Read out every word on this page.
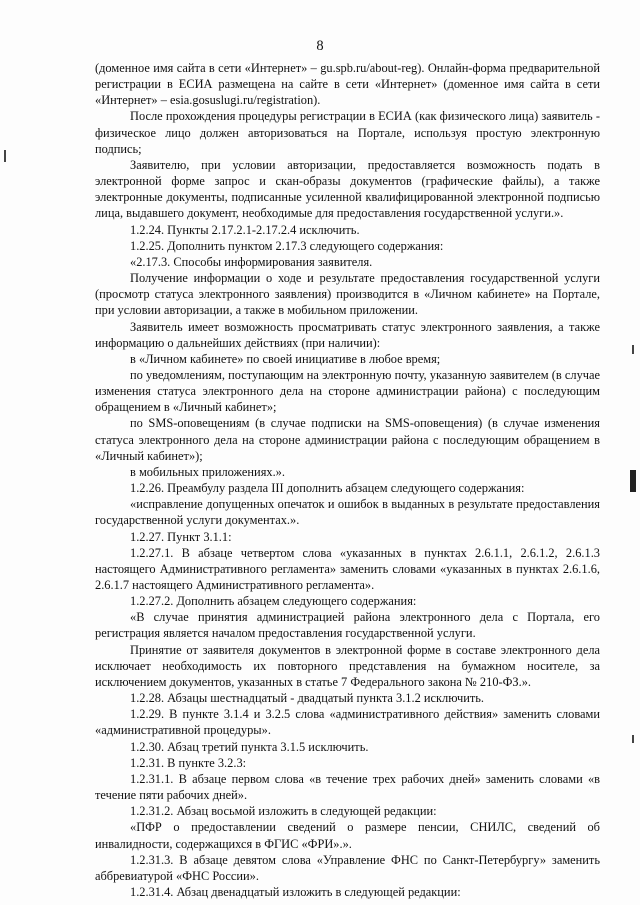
8

(доменное имя сайта в сети «Интернет» – gu.spb.ru/about-reg). Онлайн-форма предварительной регистрации в ЕСИА размещена на сайте в сети «Интернет» (доменное имя сайта в сети «Интернет» – esia.gosuslugi.ru/registration).

После прохождения процедуры регистрации в ЕСИА (как физического лица) заявитель - физическое лицо должен авторизоваться на Портале, используя простую электронную подпись;

Заявителю, при условии авторизации, предоставляется возможность подать в электронной форме запрос и скан-образы документов (графические файлы), а также электронные документы, подписанные усиленной квалифицированной электронной подписью лица, выдавшего документ, необходимые для предоставления государственной услуги.».

1.2.24. Пункты 2.17.2.1-2.17.2.4 исключить.

1.2.25. Дополнить пунктом 2.17.3 следующего содержания:

«2.17.3. Способы информирования заявителя.

Получение информации о ходе и результате предоставления государственной услуги (просмотр статуса электронного заявления) производится в «Личном кабинете» на Портале, при условии авторизации, а также в мобильном приложении.

Заявитель имеет возможность просматривать статус электронного заявления, а также информацию о дальнейших действиях (при наличии):

в «Личном кабинете» по своей инициативе в любое время;

по уведомлениям, поступающим на электронную почту, указанную заявителем (в случае изменения статуса электронного дела на стороне администрации района) с последующим обращением в «Личный кабинет»;

по SMS-оповещениям (в случае подписки на SMS-оповещения) (в случае изменения статуса электронного дела на стороне администрации района с последующим обращением в «Личный кабинет»);

в мобильных приложениях.».

1.2.26. Преамбулу раздела III дополнить абзацем следующего содержания:

«исправление допущенных опечаток и ошибок в выданных в результате предоставления государственной услуги документах.».

1.2.27. Пункт 3.1.1:

1.2.27.1. В абзаце четвертом слова «указанных в пунктах 2.6.1.1, 2.6.1.2, 2.6.1.3 настоящего Административного регламента» заменить словами «указанных в пунктах 2.6.1.6, 2.6.1.7 настоящего Административного регламента».

1.2.27.2. Дополнить абзацем следующего содержания:

«В случае принятия администрацией района электронного дела с Портала, его регистрация является началом предоставления государственной услуги.

Принятие от заявителя документов в электронной форме в составе электронного дела исключает необходимость их повторного представления на бумажном носителе, за исключением документов, указанных в статье 7 Федерального закона № 210-ФЗ.».

1.2.28. Абзацы шестнадцатый - двадцатый пункта 3.1.2 исключить.

1.2.29. В пункте 3.1.4 и 3.2.5 слова «административного действия» заменить словами «административной процедуры».

1.2.30. Абзац третий пункта 3.1.5 исключить.

1.2.31. В пункте 3.2.3:

1.2.31.1. В абзаце первом слова «в течение трех рабочих дней» заменить словами «в течение пяти рабочих дней».

1.2.31.2. Абзац восьмой изложить в следующей редакции:

«ПФР о предоставлении сведений о размере пенсии, СНИЛС, сведений об инвалидности, содержащихся в ФГИС «ФРИ».».

1.2.31.3. В абзаце девятом слова «Управление ФНС по Санкт-Петербургу» заменить аббревиатурой «ФНС России».

1.2.31.4. Абзац двенадцатый изложить в следующей редакции:
